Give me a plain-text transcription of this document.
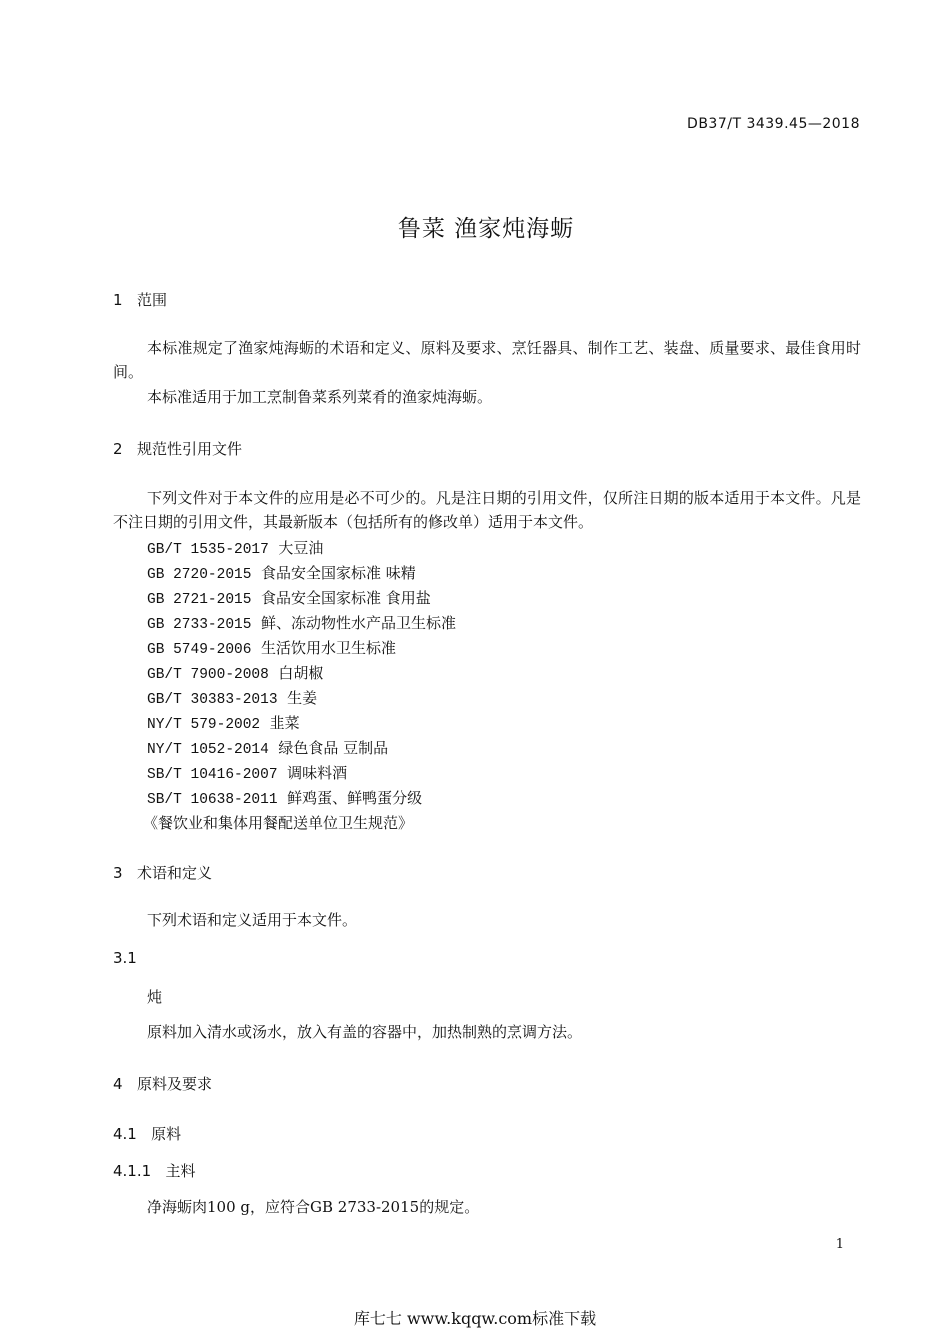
DB37/T 3439.45—2018
鲁菜 渔家炖海蛎
1 范围
本标准规定了渔家炖海蛎的术语和定义、原料及要求、烹饪器具、制作工艺、装盘、质量要求、最佳食用时间。
本标准适用于加工烹制鲁菜系列菜肴的渔家炖海蛎。
2 规范性引用文件
下列文件对于本文件的应用是必不可少的。凡是注日期的引用文件，仅所注日期的版本适用于本文件。凡是不注日期的引用文件，其最新版本（包括所有的修改单）适用于本文件。
GB/T 1535-2017 大豆油
GB 2720-2015 食品安全国家标准 味精
GB 2721-2015 食品安全国家标准 食用盐
GB 2733-2015 鲜、冻动物性水产品卫生标准
GB 5749-2006 生活饮用水卫生标准
GB/T 7900-2008 白胡椒
GB/T 30383-2013 生姜
NY/T 579-2002 韭菜
NY/T 1052-2014 绿色食品 豆制品
SB/T 10416-2007 调味料酒
SB/T 10638-2011 鲜鸡蛋、鲜鸭蛋分级
《餐饮业和集体用餐配送单位卫生规范》
3 术语和定义
下列术语和定义适用于本文件。
3.1
炖
原料加入清水或汤水，放入有盖的容器中，加热制熟的烹调方法。
4 原料及要求
4.1 原料
4.1.1 主料
净海蛎肉100 g，应符合GB 2733-2015的规定。
1
库七七 www.kqqw.com标准下载
